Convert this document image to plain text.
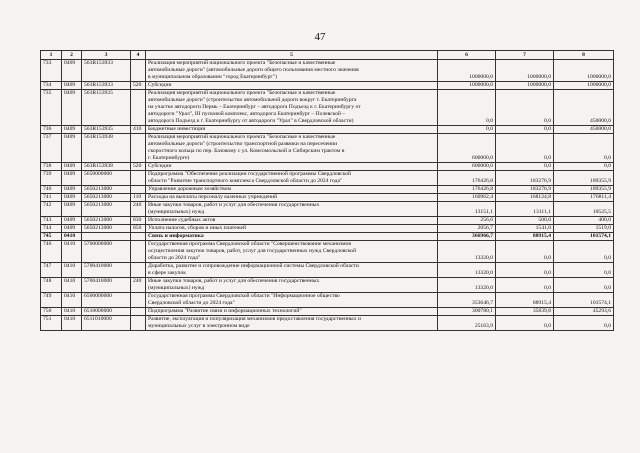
47
1	2	3	4	5	6	7	8
733	0409	563R153933		Реализация мероприятий национального проекта "Безопасные и качественные
автомобильные дороги" (автомобильные дороги общего пользования местного значения
в муниципальном образовании "город Екатеринбург")	1000000,0	1000000,0	1000000,0
734	0409	563R153933	520	Субсидии	1000000,0	1000000,0	1000000,0
735	0409	563R153935		Реализация мероприятий национального проекта "Безопасные и качественные
автомобильные дороги" (строительство автомобильной дороги вокруг г. Екатеринбурга
на участке автодороги Пермь – Екатеринбург – автодорога Подъезд к г. Екатеринбургу от
автодороги "Урал", III пусковой комплекс, автодорога Екатеринбург – Полевской –
автодорога Подъезд к г. Екатеринбургу от автодороги "Урал" в Свердловской области)	0,0	0,0	450000,0
736	0409	563R153935	410	Бюджетные инвестиции	0,0	0,0	450000,0
737	0409	563R153938		Реализация мероприятий национального проекта "Безопасные и качественные
автомобильные дороги" (строительство транспортной развязки на пересечении
скоростного кольца по пер. Базовому с ул. Комсомольской и Сибирским трактом в
г. Екатеринбурге)	600000,0	0,0	0,0
738	0409	563R153938	520	Субсидии	600000,0	0,0	0,0
739	0409	5650000000		Подпрограмма "Обеспечение реализации государственной программы Свердловской
области "Развитие транспортного комплекса Свердловской области до 2024 года"	176426,8	183276,9	189355,9
740	0409	5650213000		Управление дорожным хозяйством	176426,8	183276,9	189355,9
741	0409	5650213000	110	Расходы на выплаты персоналу казенных учреждений	160962,4	168124,8	176811,4
742	0409	5650213000	240	Иные закупки товаров, работ и услуг для обеспечения государственных
(муниципальных) нужд	13151,1	13111,1	10525,5
743	0409	5650213000	830	Исполнение судебных актов	256,6	500,0	400,0
744	0409	5650213000	850	Уплата налогов, сборов и иных платежей	2056,7	1541,0	1519,0
745	0410			Связь и информатика	366966,7	88915,4	101574,1
746	0410	5700000000		Государственная программа Свердловской области "Совершенствование механизмов
осуществления закупок товаров, работ, услуг для государственных нужд Свердловской
области до 2024 года"	13320,0	0,0	0,0
747	0410	5700410000		Доработка, развитие и сопровождение информационной системы Свердловской области
в сфере закупок	13320,0	0,0	0,0
748	0410	5700410000	240	Иные закупки товаров, работ и услуг для обеспечения государственных
(муниципальных) нужд	13320,0	0,0	0,0
749	0410	6500000000		Государственная программа Свердловской области "Информационное общество
Свердловской области до 2024 года"	353646,7	88915,4	101574,1
750	0410	6510000000		Подпрограмма "Развитие связи и информационных технологий"	300780,1	35839,8	45293,6
751	0410	6511010000		Развитие, эксплуатация и популяризация механизмов предоставления государственных и
муниципальных услуг в электронном виде	25163,9	0,0	0,0
